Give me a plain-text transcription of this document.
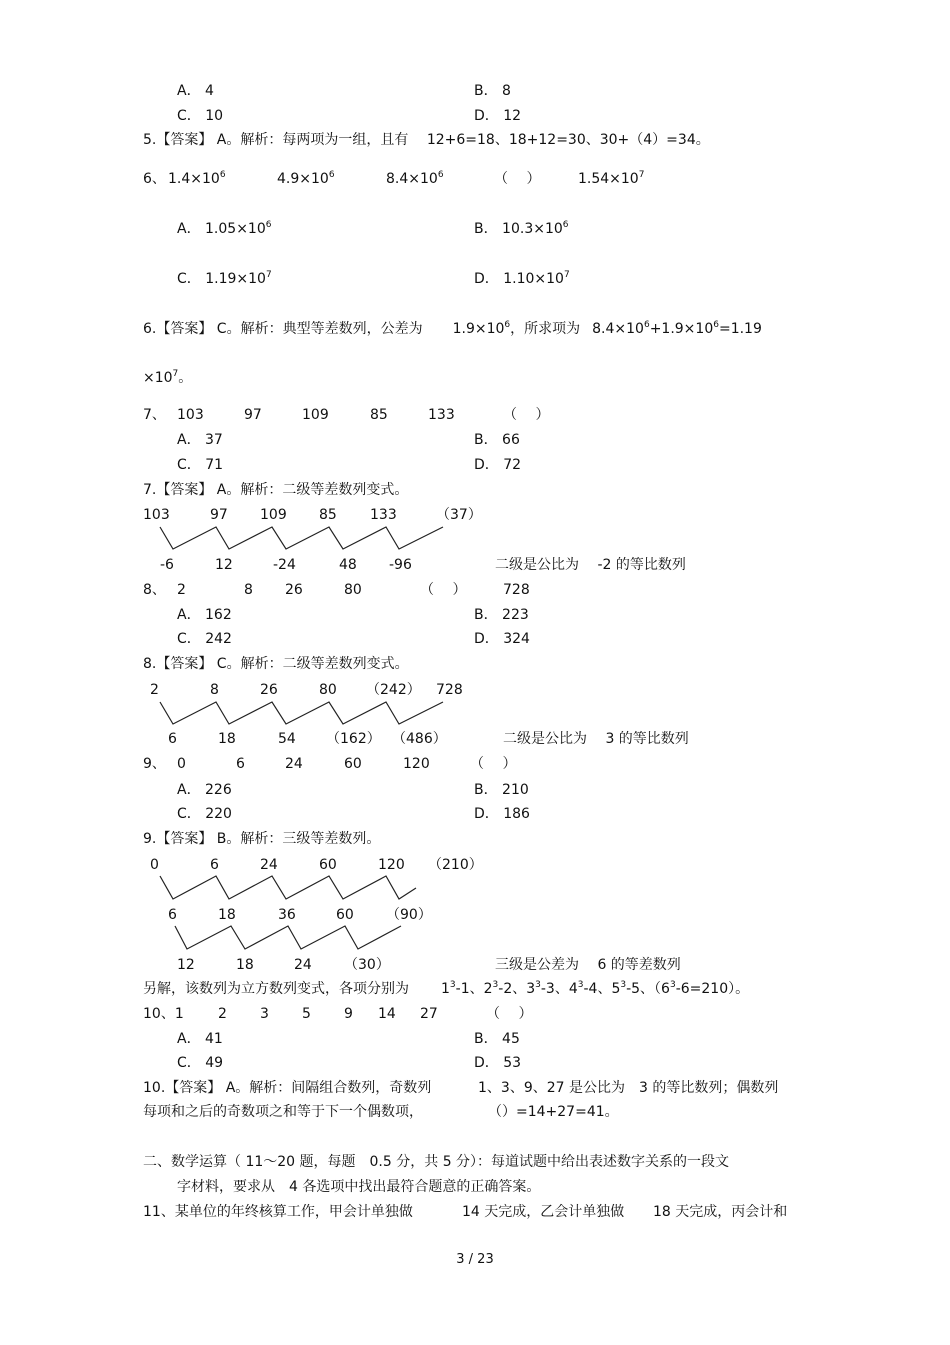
A． 4	B． 8
C． 10	D． 12
5.【答案】 A。解析：每两项为一组，且有 　12+6=18、18+12=30、30+（4）=34。
6、 $1.4\times 10^6$	$4.9\times 10^6$	$8.4\times 10^6$	（　 ）	$1.54\times 10^7$
A． $1.05\times 10^6$	B． $10.3\times 10^6$
C． $1.19\times 10^7$	D． $1.10\times 10^7$
6.【答案】 C。解析：典型等差数列，公差为 $1.9\times 10^6$，所求项为 $8.4\times 10^6+1.9\times 10^6=1.19$
$\times 10^7$。
7、 103	97	109	85	133	（　 ）
A． 37	B． 66
C． 71	D． 72
7.【答案】 A。解析：二级等差数列变式。
103	97 109 85 133	（37）
-6	12	-24	48 -96	二级是公比为 　-2 的等比数列
8、 2	8 26	80	（　 ）	728
A． 162	B． 223
C． 242	D． 324
8.【答案】 C。解析：二级等差数列变式。
2	8	26	80 （242） 728
6	18	54 （162） （486）	二级是公比为 　3 的等比数列
9、 0	6	24	60	120	（　 ）
A． 226	B． 210
C． 220	D． 186
9.【答案】 B。解析：三级等差数列。
0	6	24	60	120 （210）
6	18	36	60 （90）
12	18	24 （30）	三级是公差为 　6 的等差数列
另解，该数列为立方数列变式，各项分别为 $1^3-1$、$2^3-2$、$3^3-3$、$4^3-4$、$5^3-5$、$(6^3-6=210)$。
10、1 2 3 5 9 14 27	（　 ）
A． 41	B． 45
C． 49	D． 53
10.【答案】 A。解析：间隔组合数列，奇数列	1、3、9、27 是公比为　3 的等比数列；偶数列
每项和之后的奇数项之和等于下一个偶数项，	（）=14+27=41。
二、数学运算（ 11～20 题，每题　0.5 分，共 5 分）：每道试题中给出表述数字关系的一段文
字材料，要求从　4 各选项中找出最符合题意的正确答案。
11、某单位的年终核算工作，甲会计单独做	14 天完成，乙会计单独做 18 天完成，丙会计和
3 / 23
